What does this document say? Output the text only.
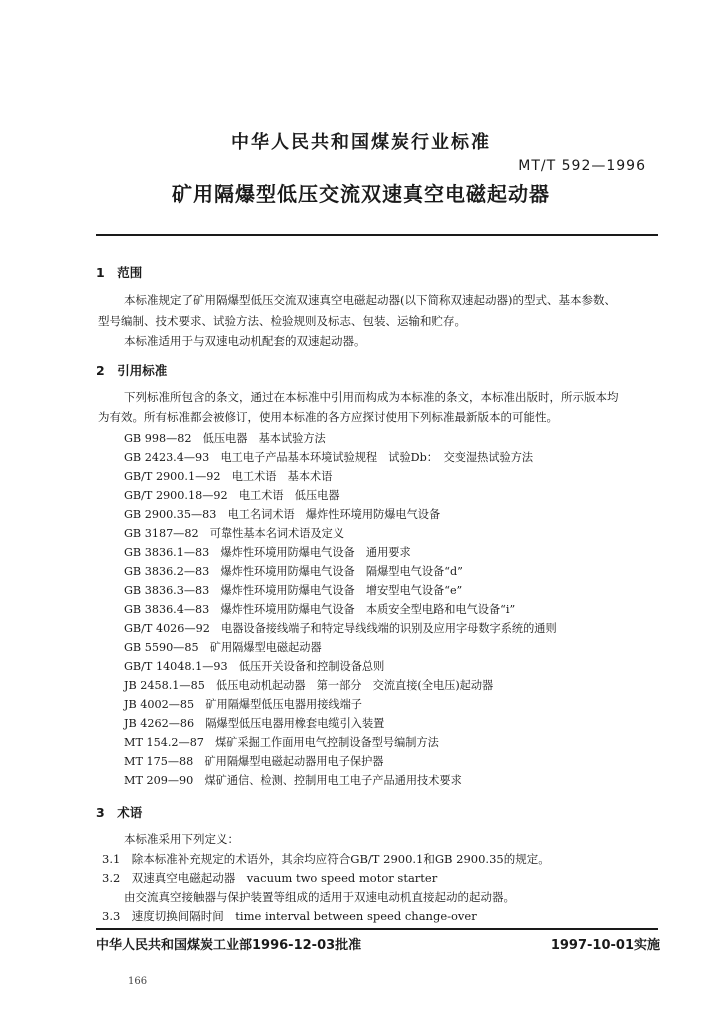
中华人民共和国煤炭行业标准
MT/T 592—1996
矿用隔爆型低压交流双速真空电磁起动器
1　范围
本标准规定了矿用隔爆型低压交流双速真空电磁起动器(以下简称双速起动器)的型式、基本参数、
型号编制、技术要求、试验方法、检验规则及标志、包装、运输和贮存。
本标准适用于与双速电动机配套的双速起动器。
2　引用标准
下列标准所包含的条文，通过在本标准中引用而构成为本标准的条文，本标准出版时，所示版本均
为有效。所有标准都会被修订，使用本标准的各方应探讨使用下列标准最新版本的可能性。
GB 998—82　低压电器　基本试验方法
GB 2423.4—93　电工电子产品基本环境试验规程　试验Db：　交变湿热试验方法
GB/T 2900.1—92　电工术语　基本术语
GB/T 2900.18—92　电工术语　低压电器
GB 2900.35—83　电工名词术语　爆炸性环境用防爆电气设备
GB 3187—82　可靠性基本名词术语及定义
GB 3836.1—83　爆炸性环境用防爆电气设备　通用要求
GB 3836.2—83　爆炸性环境用防爆电气设备　隔爆型电气设备“d”
GB 3836.3—83　爆炸性环境用防爆电气设备　增安型电气设备“e”
GB 3836.4—83　爆炸性环境用防爆电气设备　本质安全型电路和电气设备“i”
GB/T 4026—92　电器设备接线端子和特定导线线端的识别及应用字母数字系统的通则
GB 5590—85　矿用隔爆型电磁起动器
GB/T 14048.1—93　低压开关设备和控制设备总则
JB 2458.1—85　低压电动机起动器　第一部分　交流直接(全电压)起动器
JB 4002—85　矿用隔爆型低压电器用接线端子
JB 4262—86　隔爆型低压电器用橡套电缆引入装置
MT 154.2—87　煤矿采掘工作面用电气控制设备型号编制方法
MT 175—88　矿用隔爆型电磁起动器用电子保护器
MT 209—90　煤矿通信、检测、控制用电工电子产品通用技术要求
3　术语
本标准采用下列定义：
3.1　除本标准补充规定的术语外，其余均应符合GB/T 2900.1和GB 2900.35的规定。
3.2　双速真空电磁起动器　vacuum two speed motor starter
由交流真空接触器与保护装置等组成的适用于双速电动机直接起动的起动器。
3.3　速度切换间隔时间　time interval between speed change-over
中华人民共和国煤炭工业部1996-12-03批准	1997-10-01实施
166
